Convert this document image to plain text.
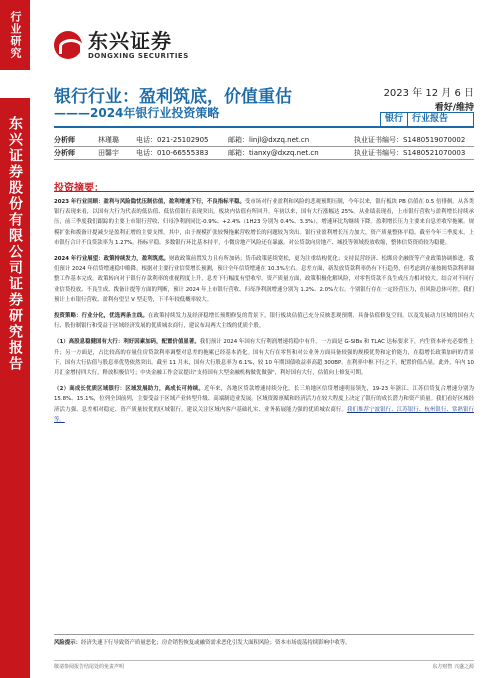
行业研究
东兴证券股份有限公司证券研究报告
东兴证券
DONGXING SECURITIES
银行行业：盈利筑底，价值重估
———2024年银行业投资策略
2023 年 12 月 6 日
看好/维持
银行	行业报告
分析师	林瑾璐	电话：021-25102905	邮箱：linjl@dxzq.net.cn	执业证书编号：S1480519070002
分析师	田馨宇	电话：010-66555383	邮箱：tianxy@dxzq.net.cn	执业证书编号：S1480521070003
投资摘要：

2023 年行业回顾：盈利与风险隐忧压制估值，盈利增速下行，不良指标平稳。受市场对行业盈利和风险的悲观预期压制，今年以来，银行板块 PB 估值在 0.5 倍徘徊。从各类银行表现来看，以国有大行为代表的低估值、低估值银行表现突出，板块内估值有所回升。年初以来，国有大行涨幅达 25%。从业绩表现看，上市银行营收与盈利增长持续承压，前三季度我们跟踪的主要上市银行营收、归母净利润同比-0.9%、+2.4%（1H23 分别为 0.4%、3.3%），增速环比均继续下降。盈利增长压力主要来自息差收窄拖累。规模扩张和拨备计提减少是盈利正增的主要支撑。其中，由于规模扩张较慢拖累营收增长的问题较为突出。银行业盈利增长压力加大，资产质量整体平稳。截至今年三季度末，上市银行合计不良贷款率为 1.27%，指标平稳。多数银行环比基本持平，小微房地产风险还在暴露。对公贷款向房地产、城投等领域投放收缩，整体信贷资质较为稳健。

2024 年行业展望：政策持续发力，盈利筑底。财政政策前置发力且有所加码；货币政策延续宽松，更为注重结构优化；支持民营经济、松绑房企融资等产业政策协调推进。我们预计 2024 年信贷增速稳中略降，根据对主要行业信贷增长预测，预计全年信贷增速在 10.3%左右。息差方面，新发放贷款利率仍有下行趋势，但考虑到存量按揭贷款利率调整工作基本完成，政策转向对于银行存款利率的重视程度上升，息差下行幅度有望收窄。资产质量方面，政策积极化解风险，对零售贷款不良生成压力相对较大。结合对不同行业信贷投放、不良生成、拨备计提等方面的判断，预计 2024 年上市银行营收、归母净利润增速分别为 1.2%、2.0%左右。个别银行存在一定经营压力，但风险总体可控。我们预计上市银行营收、盈利有望呈 V 型走势，下半年较低概率较大。

投资策略：行业分化，优选两条主线。在政策持续发力及经济稳增长预期修复的背景下，银行板块估值已充分反映悲观预期，具备估值修复空间。以及发展动力区域的国有大行、股份制银行和受益于区域经济发展的优质城农商行，建议布局两大主线的优质个股。

（1）高股息稳健国有大行：利好因素加码，配置价值显著。我们预计 2024 年国有大行利润增速将稳中有升。一方面是 G-SIBs 和 TLAC 达标要求下，内生资本补充必要性上升；另一方面是，占比较高的存量住房贷款利率调整对息差的拖累已经基本消化。国有大行在零售和对公业务方面具备较强的规模优势和定价能力，在稳增长政策加码的背景下，国有大行估值与股息率优势依然突出。截至 11 月末，国有大行股息率为 6.1%，较 10 年期国债收益率高超 300BP。在利率中枢下行之下，配置价值凸显，此外，年内 10 月汇金增持四大行，释放积极信号；中央金融工作会议提出"支持国有大型金融机构做优做强"，利好国有大行，估值向上修复可期。

（2）高成长优质区域银行：区域发展助力，高成长可持续。近年来，各地区贷款增速持续分化，长三角地区信贷增速明显领先，19-23 年浙江、江苏信贷复合增速分别为 15.8%、15.1%，位列全国前列，主要受益于区域产业转型升级、高端制造业发展。区域资源禀赋和经济活力在较大程度上决定了银行的成长潜力和资产质量。我们看好区域经济活力强、息差相对稳定、资产质量较优的区域银行，建议关注区域内客户基础扎实、业务拓展能力强的优质城农商行。我们推荐宁波银行、江苏银行、杭州银行、常熟银行等。

风险提示：经济失速下行导致资产质量恶化；房企销售恢复或融资需求恶化引发大面积风险；资本市场震荡持续影响中收等。
敬请参阅报告结尾处的免责声明	东方财智 兴盛之源
